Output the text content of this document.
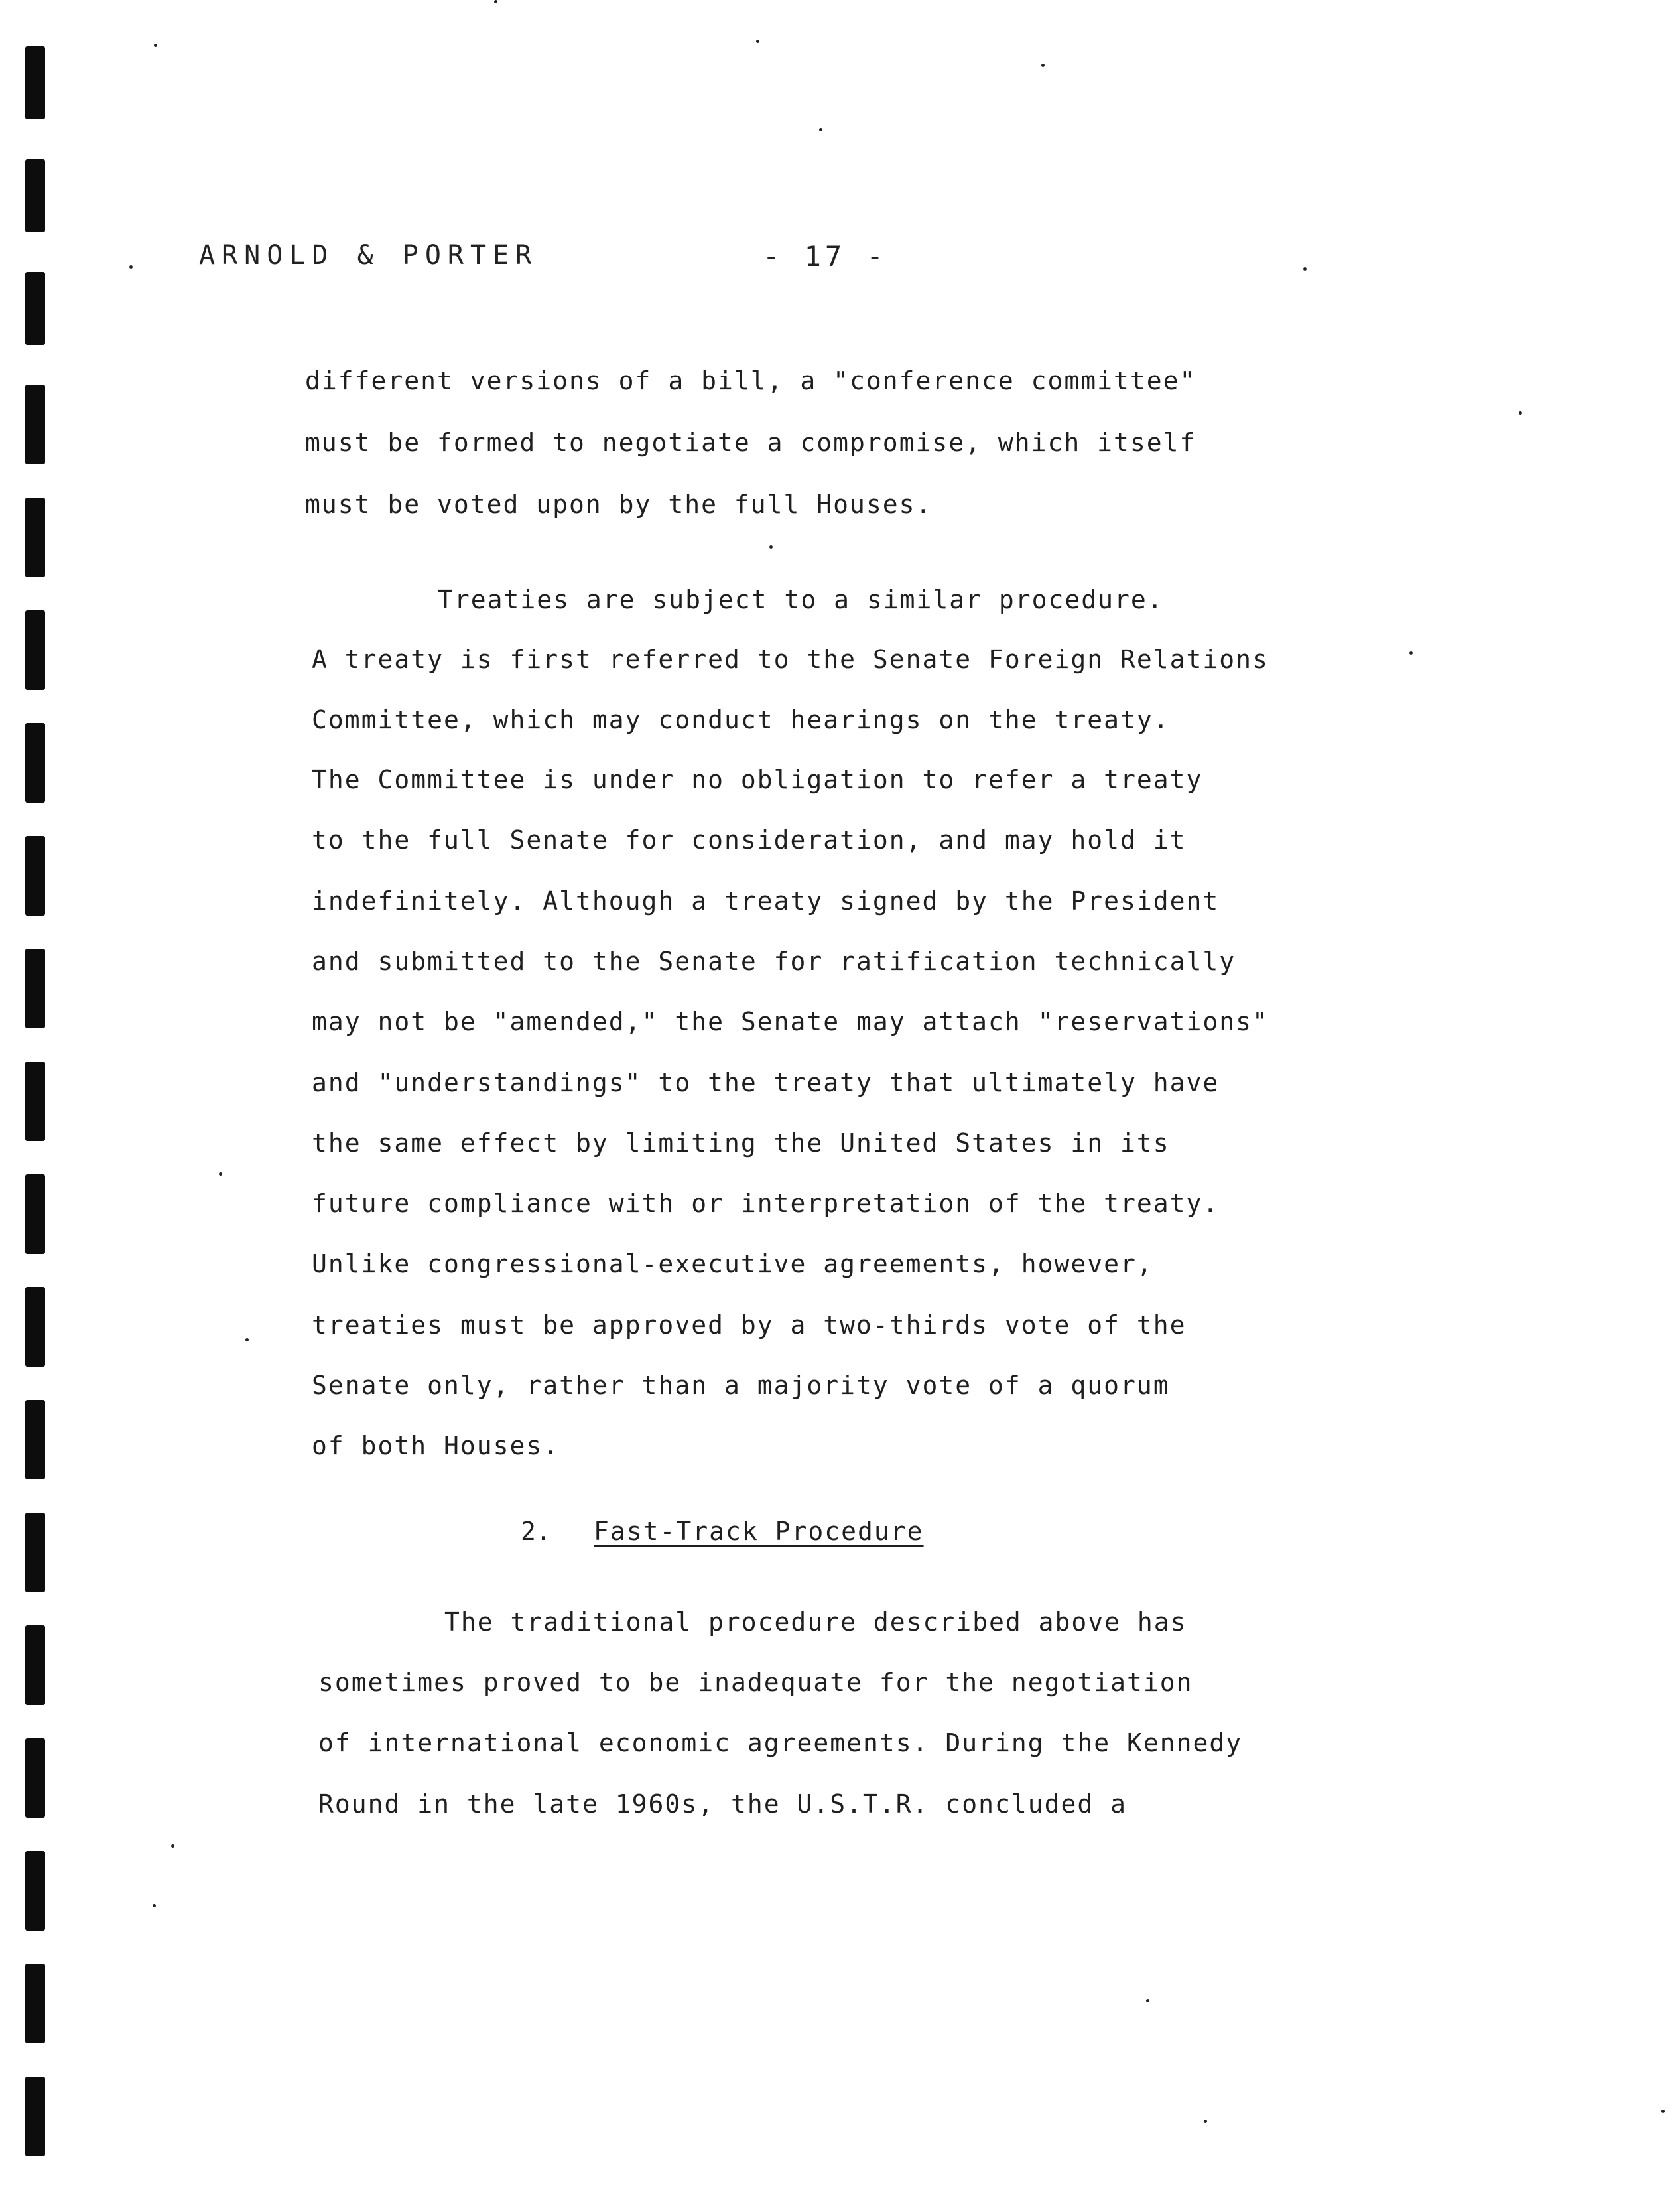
ARNOLD & PORTER	- 17 -
different versions of a bill, a "conference committee"
must be formed to negotiate a compromise, which itself
must be voted upon by the full Houses.
Treaties are subject to a similar procedure.
A treaty is first referred to the Senate Foreign Relations
Committee, which may conduct hearings on the treaty.
The Committee is under no obligation to refer a treaty
to the full Senate for consideration, and may hold it
indefinitely. Although a treaty signed by the President
and submitted to the Senate for ratification technically
may not be "amended," the Senate may attach "reservations"
and "understandings" to the treaty that ultimately have
the same effect by limiting the United States in its
future compliance with or interpretation of the treaty.
Unlike congressional-executive agreements, however,
treaties must be approved by a two-thirds vote of the
Senate only, rather than a majority vote of a quorum
of both Houses.
2. Fast-Track Procedure
The traditional procedure described above has
sometimes proved to be inadequate for the negotiation
of international economic agreements. During the Kennedy
Round in the late 1960s, the U.S.T.R. concluded a
